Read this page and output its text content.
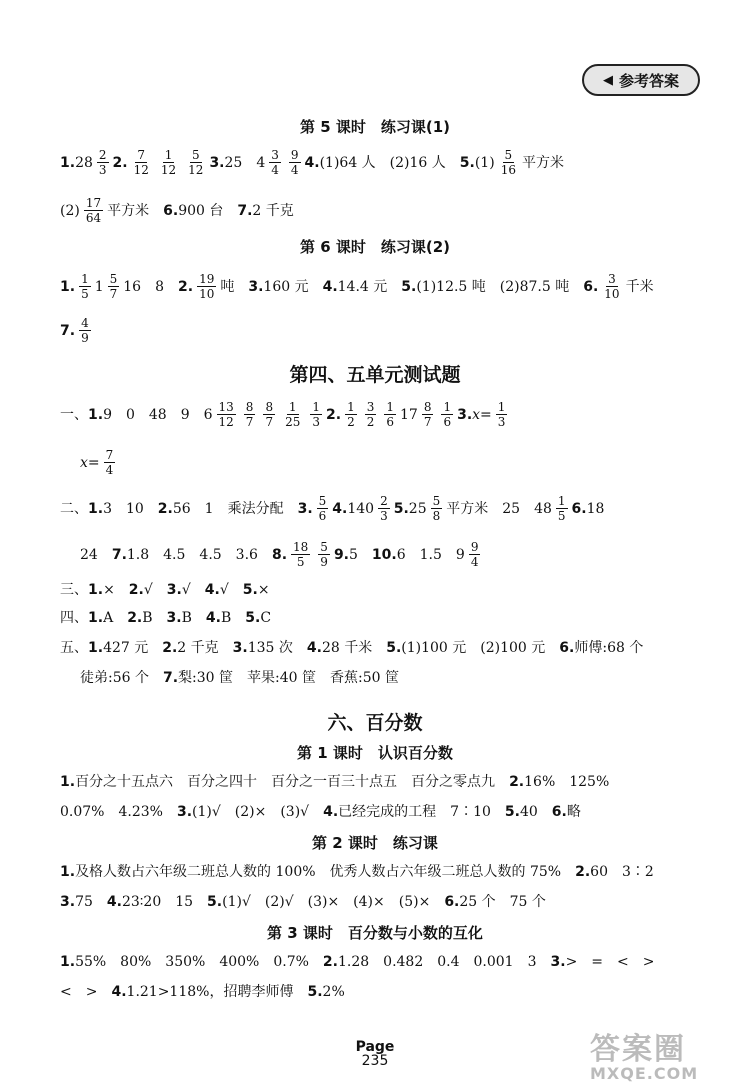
◀ 参考答案
第 5 课时　练习课(1)
1. $28 \frac{2}{3} 2$. $\frac{7}{12} \frac{1}{12} \frac{5}{12} 3$. 25　$4 \frac{3}{4} \frac{9}{4} 4$. (1)64 人　(2)16 人 5. $(1) \frac{5}{16}$ 平方米
$(2) \frac{17}{64}$ 平方米 6. 900 台 7. 2 千克
第 6 课时　练习课(2)
1. $\frac{1}{5} 1 \frac{5}{7} 16$　8 2. $\frac{19}{10}$ 吨 3. 160 元 4. 14.4 元 5. (1)12.5 吨　(2)87.5 吨 6. $\frac{3}{10}$ 千米
7. $\frac{4}{9}$
第四、五单元测试题
一、 1. 9　0　48　9　$6 \frac{13}{12} \frac{8}{7} \frac{8}{7} \frac{1}{25} \frac{1}{3} 2$. $\frac{1}{2} \frac{3}{2} \frac{1}{6} 17 \frac{8}{7} \frac{1}{6} 3$. $x= \frac{1}{3}$
$x= \frac{7}{4}$
二、 1. 3　10 2. 56　1　乘法分配 3. $\frac{5}{6} 4$. $140 \frac{2}{3} 5$. $25 \frac{5}{8}$ 平方米　25　$48 \frac{1}{5} 6$. 18
24 7. 1.8　4.5　4.5　3.6 8. $\frac{18}{5} \frac{5}{9} 9$. 5 10. 6　1.5　$9 \frac{9}{4}$
三、 1. × 2. √ 3. √ 4. √ 5. ×
四、 1. A 2. B 3. B 4. B 5. C
五、 1. 427 元 2. 2 千克 3. 135 次 4. 28 千米 5. (1)100 元　(2)100 元 6. 师傅:68 个
徒弟:56 个 7. 梨:30 筐　苹果:40 筐　香蕉:50 筐
六、百分数
第 1 课时　认识百分数
1. 百分之十五点六　百分之四十　百分之一百三十点五　百分之零点九 2. 16%　125%
0.07%　4.23% 3. (1)√　(2)×　(3)√ 4. 已经完成的工程　7∶10 5. 40 6. 略
第 2 课时　练习课
1. 及格人数占六年级二班总人数的 100%　优秀人数占六年级二班总人数的 75% 2. 60　3∶2
3. 75 4. 23∶20　15 5. (1)√　(2)√　(3)×　(4)×　(5)× 6. 25 个　75 个
第 3 课时　百分数与小数的互化
1. 55%　80%　350%　400%　0.7% 2. 1.28　0.482　0.4　0.001　3 3. >　=　<　>
<　> 4. 1.21>118%，招聘李师傅 5. 2%
Page
235	答案圈
MXQE.COM
